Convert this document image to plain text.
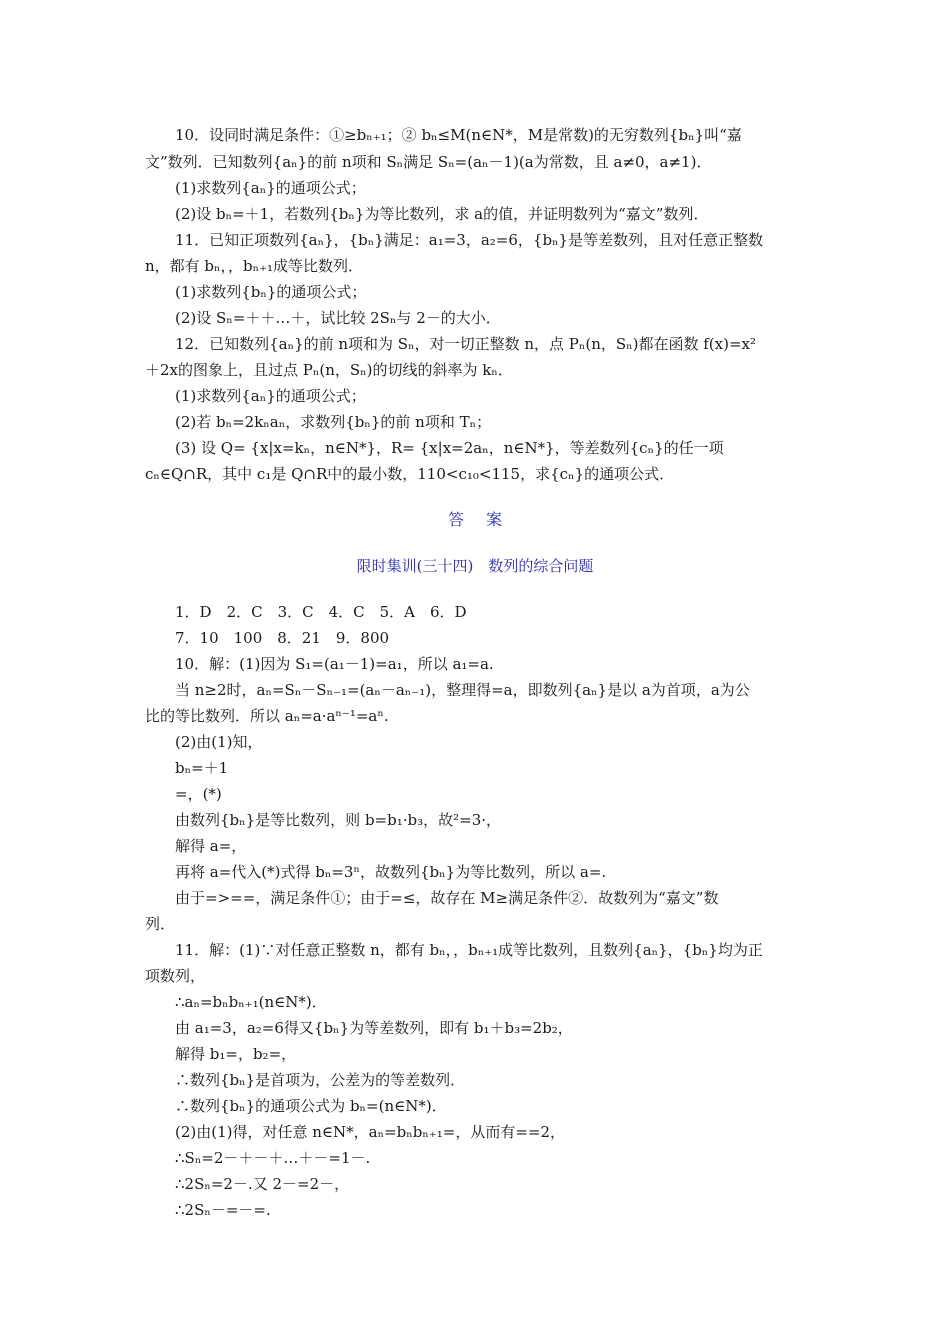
10．设同时满足条件：①≥bₙ₊₁；② bₙ≤M(n∈N*，M是常数)的无穷数列{bₙ}叫“嘉
文”数列．已知数列{aₙ}的前 n项和 Sₙ满足 Sₙ=(aₙ－1)(a为常数，且 a≠0，a≠1)．
(1)求数列{aₙ}的通项公式；
(2)设 bₙ=＋1，若数列{bₙ}为等比数列，求 a的值，并证明数列为“嘉文”数列．
11．已知正项数列{aₙ}，{bₙ}满足：a₁=3，a₂=6，{bₙ}是等差数列，且对任意正整数
n，都有 bₙ，，bₙ₊₁成等比数列．
(1)求数列{bₙ}的通项公式；
(2)设 Sₙ=＋＋…＋，试比较 2Sₙ与 2－的大小．
12．已知数列{aₙ}的前 n项和为 Sₙ，对一切正整数 n，点 Pₙ(n，Sₙ)都在函数 f(x)=x²
＋2x的图象上，且过点 Pₙ(n，Sₙ)的切线的斜率为 kₙ．
(1)求数列{aₙ}的通项公式；
(2)若 bₙ=2kₙaₙ，求数列{bₙ}的前 n项和 Tₙ；
(3) 设 Q= {x|x=kₙ，n∈N*}，R= {x|x=2aₙ，n∈N*}，等差数列{cₙ}的任一项
cₙ∈Q∩R，其中 c₁是 Q∩R中的最小数，110<c₁₀<115，求{cₙ}的通项公式．
答案
限时集训(三十四)　数列的综合问题
1．D　2．C　3．C　4．C　5．A　6．D
7．10　100　8．21　9．800
10．解：(1)因为 S₁=(a₁－1)=a₁，所以 a₁=a.
当 n≥2时，aₙ=Sₙ－Sₙ₋₁=(aₙ－aₙ₋₁)，整理得=a，即数列{aₙ}是以 a为首项，a为公
比的等比数列．所以 aₙ=a·aⁿ⁻¹=aⁿ.
(2)由(1)知，
bₙ=＋1
=，(*)
由数列{bₙ}是等比数列，则 b=b₁·b₃，故²=3·，
解得 a=，
再将 a=代入(*)式得 bₙ=3ⁿ，故数列{bₙ}为等比数列，所以 a=.
由于=>==，满足条件①；由于=≤，故存在 M≥满足条件②．故数列为“嘉文”数
列．
11．解：(1)∵对任意正整数 n，都有 bₙ，，bₙ₊₁成等比数列，且数列{aₙ}，{bₙ}均为正
项数列，
∴aₙ=bₙbₙ₊₁(n∈N*)．
由 a₁=3，a₂=6得又{bₙ}为等差数列，即有 b₁＋b₃=2b₂，
解得 b₁=，b₂=，
∴数列{bₙ}是首项为，公差为的等差数列．
∴数列{bₙ}的通项公式为 bₙ=(n∈N*)．
(2)由(1)得，对任意 n∈N*，aₙ=bₙbₙ₊₁=，从而有==2，
∴Sₙ=2－＋－＋…＋－=1－.
∴2Sₙ=2－.又 2－=2－，
∴2Sₙ－=－=.
